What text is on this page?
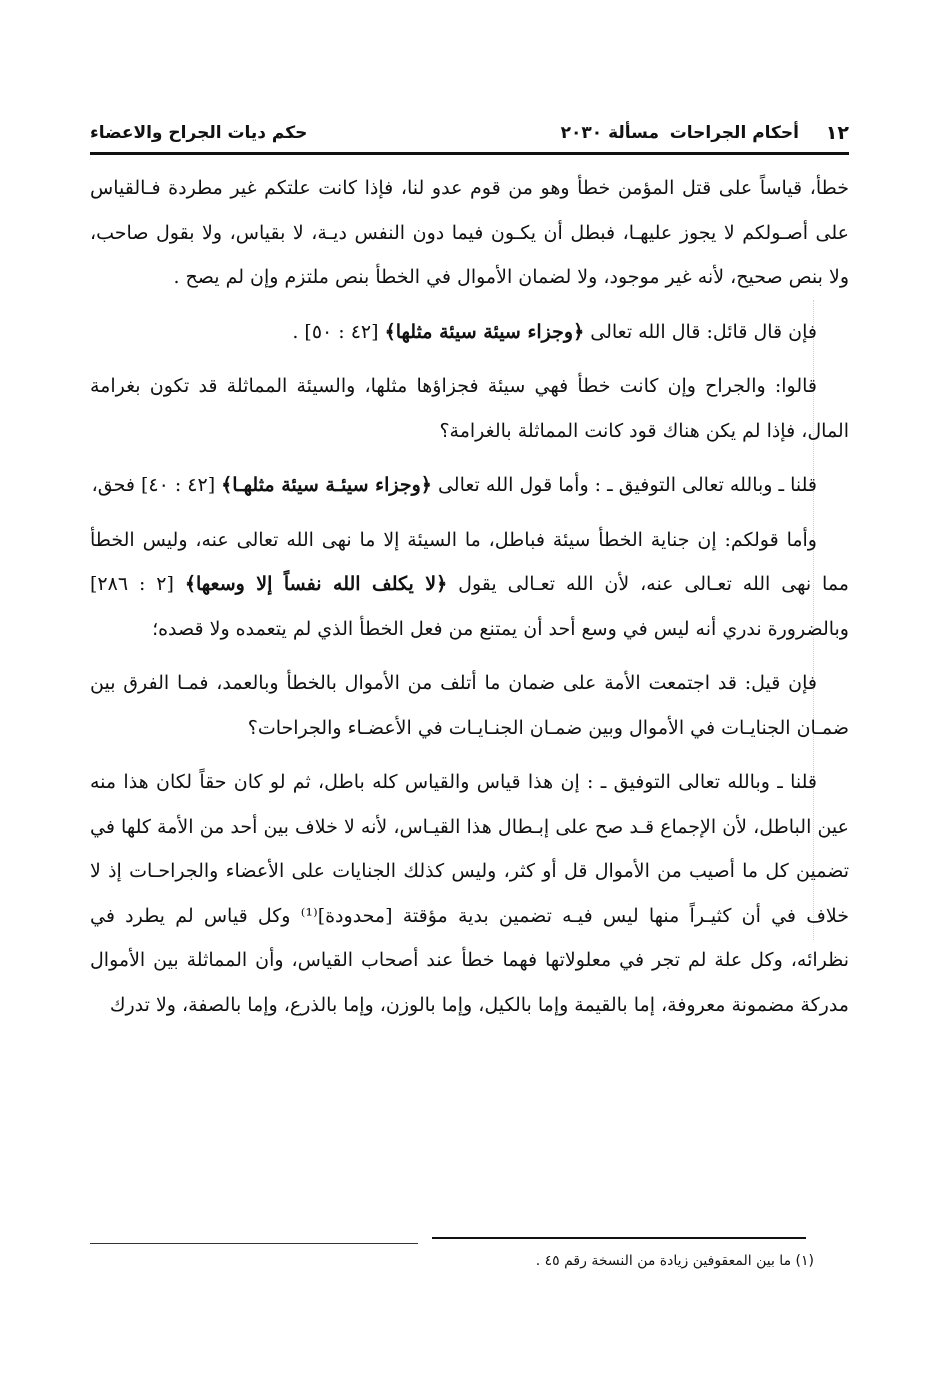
١٢
أحكام الجراحات
مسألة ٢٠٣٠
حكم ديات الجراح والاعضاء

خطأ، قياساً على قتل المؤمن خطأ وهو من قوم عدو لنا، فإذا كانت علتكم غير مطردة فـالقياس على أصـولكم لا يجوز عليهـا، فبطل أن يكـون فيما دون النفس ديـة، لا بقياس، ولا بقول صاحب، ولا بنص صحيح، لأنه غير موجود، ولا لضمان الأموال في الخطأ بنص ملتزم وإن لم يصح .

فإن قال قائل: قال الله تعالى ﴿وجزاء سيئة سيئة مثلها﴾ [٤٢ : ٥٠] .

قالوا: والجراح وإن كانت خطأ فهي سيئة فجزاؤها مثلها، والسيئة المماثلة قد تكون بغرامة المال، فإذا لم يكن هناك قود كانت المماثلة بالغرامة؟

قلنا ـ وبالله تعالى التوفيق ـ : وأما قول الله تعالى ﴿وجزاء سيئـة سيئة مثلهـا﴾ [٤٢ : ٤٠] فحق،

وأما قولكم: إن جناية الخطأ سيئة فباطل، ما السيئة إلا ما نهى الله تعالى عنه، وليس الخطأ مما نهى الله تعـالى عنه، لأن الله تعـالى يقول ﴿لا يكلف الله نفساً إلا وسعها﴾ [٢ : ٢٨٦] وبالضرورة ندري أنه ليس في وسع أحد أن يمتنع من فعل الخطأ الذي لم يتعمده ولا قصده؛

فإن قيل: قد اجتمعت الأمة على ضمان ما أتلف من الأموال بالخطأ وبالعمد، فمـا الفرق بين ضمـان الجنايـات في الأموال وبين ضمـان الجنـايـات في الأعضـاء والجراحات؟

قلنا ـ وبالله تعالى التوفيق ـ : إن هذا قياس والقياس كله باطل، ثم لو كان حقاً لكان هذا منه عين الباطل، لأن الإجماع قـد صح على إبـطال هذا القيـاس، لأنه لا خلاف بين أحد من الأمة كلها في تضمين كل ما أصيب من الأموال قل أو كثر، وليس كذلك الجنايات على الأعضاء والجراحـات إذ لا خلاف في أن كثيـراً منها ليس فيـه تضمين بدية مؤقتة [محدودة]⁽¹⁾ وكل قياس لم يطرد في نظرائه، وكل علة لم تجر في معلولاتها فهما خطأ عند أصحاب القياس، وأن المماثلة بين الأموال مدركة مضمونة معروفة، إما بالقيمة وإما بالكيل، وإما بالوزن، وإما بالذرع، وإما بالصفة، ولا تدرك

(١) ما بين المعقوفين زيادة من النسخة رقم ٤٥ .
